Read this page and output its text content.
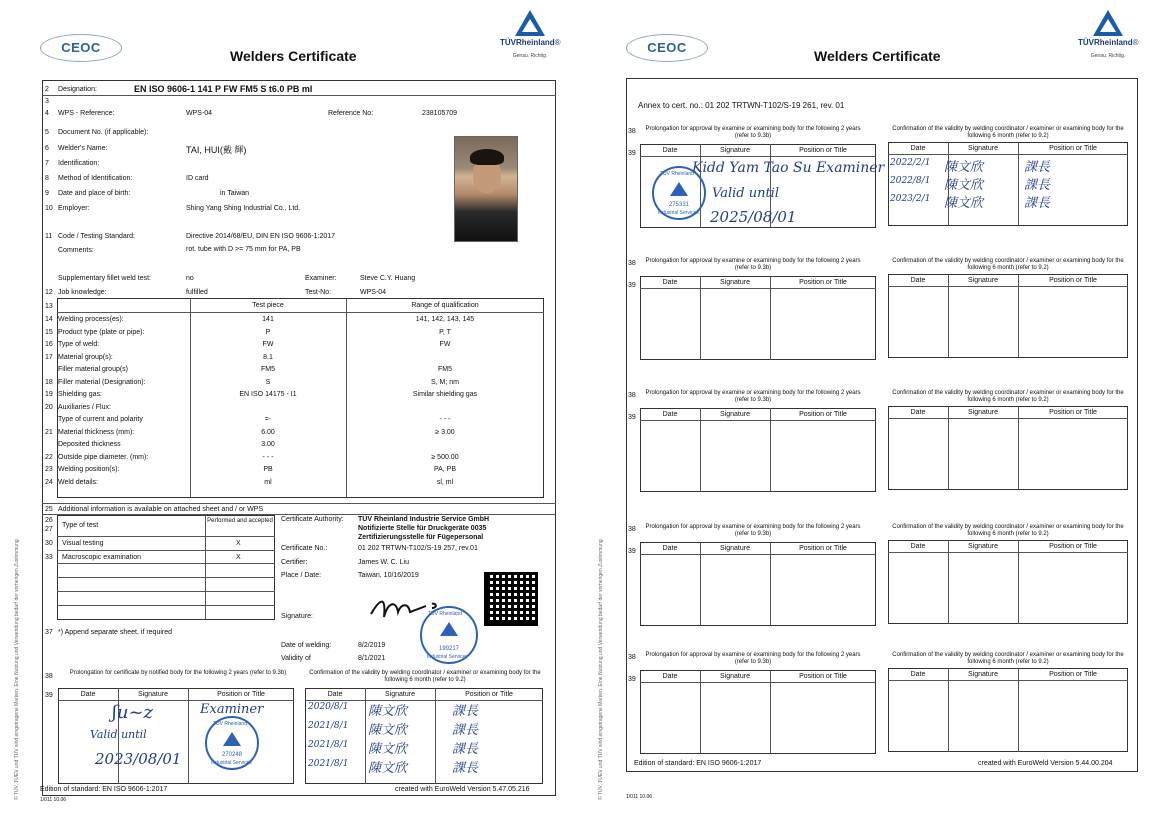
CEOC
Welders Certificate
TÜVRheinland®
Genau. Richtig.
2 Designation:	EN ISO 9606-1 141 P FW FM5 S t6.0 PB ml
3
4 WPS - Reference:	WPS-04	Reference No:	238105709
5 Document No. (if applicable):
6 Welder's Name:	TAI, HUI(戴 輝)
7 Identification:
8 Method of Identification:	ID card
9 Date and place of birth:	in Taiwan
10 Employer:	Shing Yang Shing Industrial Co., Ltd.
11 Code / Testing Standard:	Directive 2014/68/EU, DIN EN ISO 9606-1:2017
Comments:	rot. tube with D >= 75 mm for PA, PB
Supplementary fillet weld test:	no	Examiner:	Steve C.Y. Huang
12 Job knowledge:	fulfilled	Test-No:	WPS-04
13	Test piece	Range of qualification
14 Welding process(es):	141	141, 142, 143, 145
15 Product type (plate or pipe):	P	P, T
16 Type of weld:	FW	FW
17 Material group(s):	8.1
Filler material group(s)	FM5	FM5
18 Filler material (Designation):	S	S, M; nm
19 Shielding gas:	EN ISO 14175 - I1	Similar shielding gas
20 Auxiliaries / Flux:
Type of current and polarity	=-	- - -
21 Material thickness (mm):	6.00	≥ 3.00
Deposited thickness	3.00
22 Outside pipe diameter. (mm):	- - -	≥ 500.00
23 Welding position(s):	PB	PA, PB
24 Weld details:	ml	sl, ml
25 Additional information is available on attached sheet and / or WPS
26
27
Type of test
Performed and accepted
30 Visual testing	X
33 Macroscopic examination	X
Certificate Authority: TÜV Rheinland Industrie Service GmbH
Notifizierte Stelle für Druckgeräte 0035
Zertifizierungsstelle für Fügepersonal
Certificate No.:	01 202 TRTWN-T102/S-19 257, rev.01
Certifier:	James W. C. Liu
Place / Date:	Taiwan, 10/16/2019
Signature:
37 *) Append separate sheet, if required
Date of welding:	8/2/2019
Validity of	8/1/2021
TÜV Rheinland
199217
Industrial Services
38	Prolongation for certificate by notified body for the following 2 years (refer to 9.3b)	Confirmation of the validity by welding coordinator / examiner or examining body for the following 6 month (refer to 9.2)
39	Date	Signature	Position or Title	Date	Signature	Position or Title
ʃu~z	Examiner
Valid until
2023/08/01
TÜV Rheinland
270248
Industrial Services
2020/8/1 陳文欣	課長
2021/8/1 陳文欣	課長
2021/8/1 陳文欣	課長
2021/8/1 陳文欣	課長
Edition of standard: EN ISO 9606-1:2017	created with EuroWeld Version 5.47.05.216
1/011 10.06
© TÜV, TUEV und TUV sind eingetragene Marken. Eine Nutzung und Verwendung bedarf der vorherigen Zustimmung.
CEOC
Welders Certificate
TÜVRheinland®
Genau. Richtig.
Annex to cert. no.: 01 202 TRTWN-T102/S-19 261, rev. 01
38	Prolongation for approval by examine or examining body for the following 2 years (refer to 9.3b)
Confirmation of the validity by welding coordinator / examiner or examining body for the following 6 month (refer to 9.2)
39	Date	Signature	Position or Title	Date	Signature	Position or Title
38	Prolongation for approval by examine or examining body for the following 2 years (refer to 9.3b)
Confirmation of the validity by welding coordinator / examiner or examining body for the following 6 month (refer to 9.2)
39	Date	Signature	Position or Title	Date	Signature	Position or Title
38	Prolongation for approval by examine or examining body for the following 2 years (refer to 9.3b)
Confirmation of the validity by welding coordinator / examiner or examining body for the following 6 month (refer to 9.2)
39	Date	Signature	Position or Title	Date	Signature	Position or Title
38	Prolongation for approval by examine or examining body for the following 2 years (refer to 9.3b)
Confirmation of the validity by welding coordinator / examiner or examining body for the following 6 month (refer to 9.2)
39	Date	Signature	Position or Title	Date	Signature	Position or Title
38	Prolongation for approval by examine or examining body for the following 2 years (refer to 9.3b)
Confirmation of the validity by welding coordinator / examiner or examining body for the following 6 month (refer to 9.2)
39	Date	Signature	Position or Title	Date	Signature	Position or Title
Kidd Yam Tao Su Examiner
Valid until
2025/08/01
TÜV Rheinland
275331
Industrial Services
2022/2/1 陳文欣	課長
2022/8/1 陳文欣	課長
2023/2/1 陳文欣	課長
Edition of standard: EN ISO 9606-1:2017	created with EuroWeld Version 5.44.00.204
1/011 10.06
© TÜV, TUEV und TUV sind eingetragene Marken. Eine Nutzung und Verwendung bedarf der vorherigen Zustimmung.
